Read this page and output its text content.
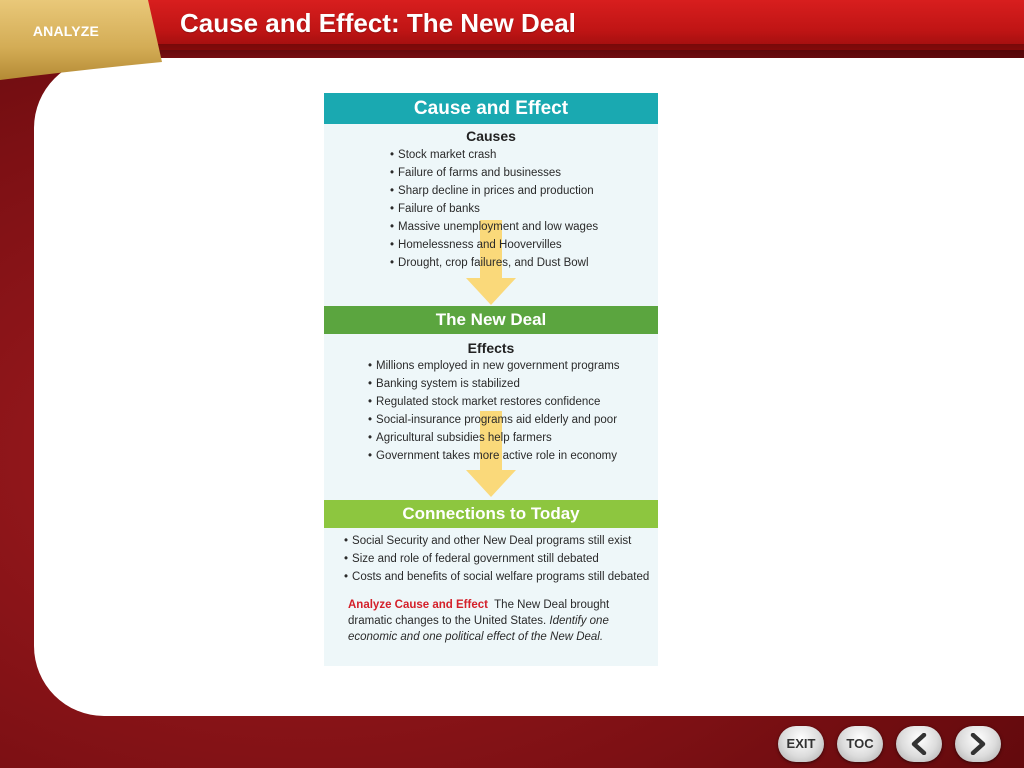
ANALYZE	Cause and Effect: The New Deal
Cause and Effect
Causes
• Stock market crash
• Failure of farms and businesses
• Sharp decline in prices and production
• Failure of banks
• Massive unemployment and low wages
• Homelessness and Hoovervilles
• Drought, crop failures, and Dust Bowl
The New Deal
Effects
• Millions employed in new government programs
• Banking system is stabilized
• Regulated stock market restores confidence
• Social-insurance programs aid elderly and poor
• Agricultural subsidies help farmers
• Government takes more active role in economy
Connections to Today
• Social Security and other New Deal programs still exist
• Size and role of federal government still debated
• Costs and benefits of social welfare programs still debated
Analyze Cause and Effect The New Deal brought dramatic changes to the United States. Identify one economic and one political effect of the New Deal.
EXIT	TOC
